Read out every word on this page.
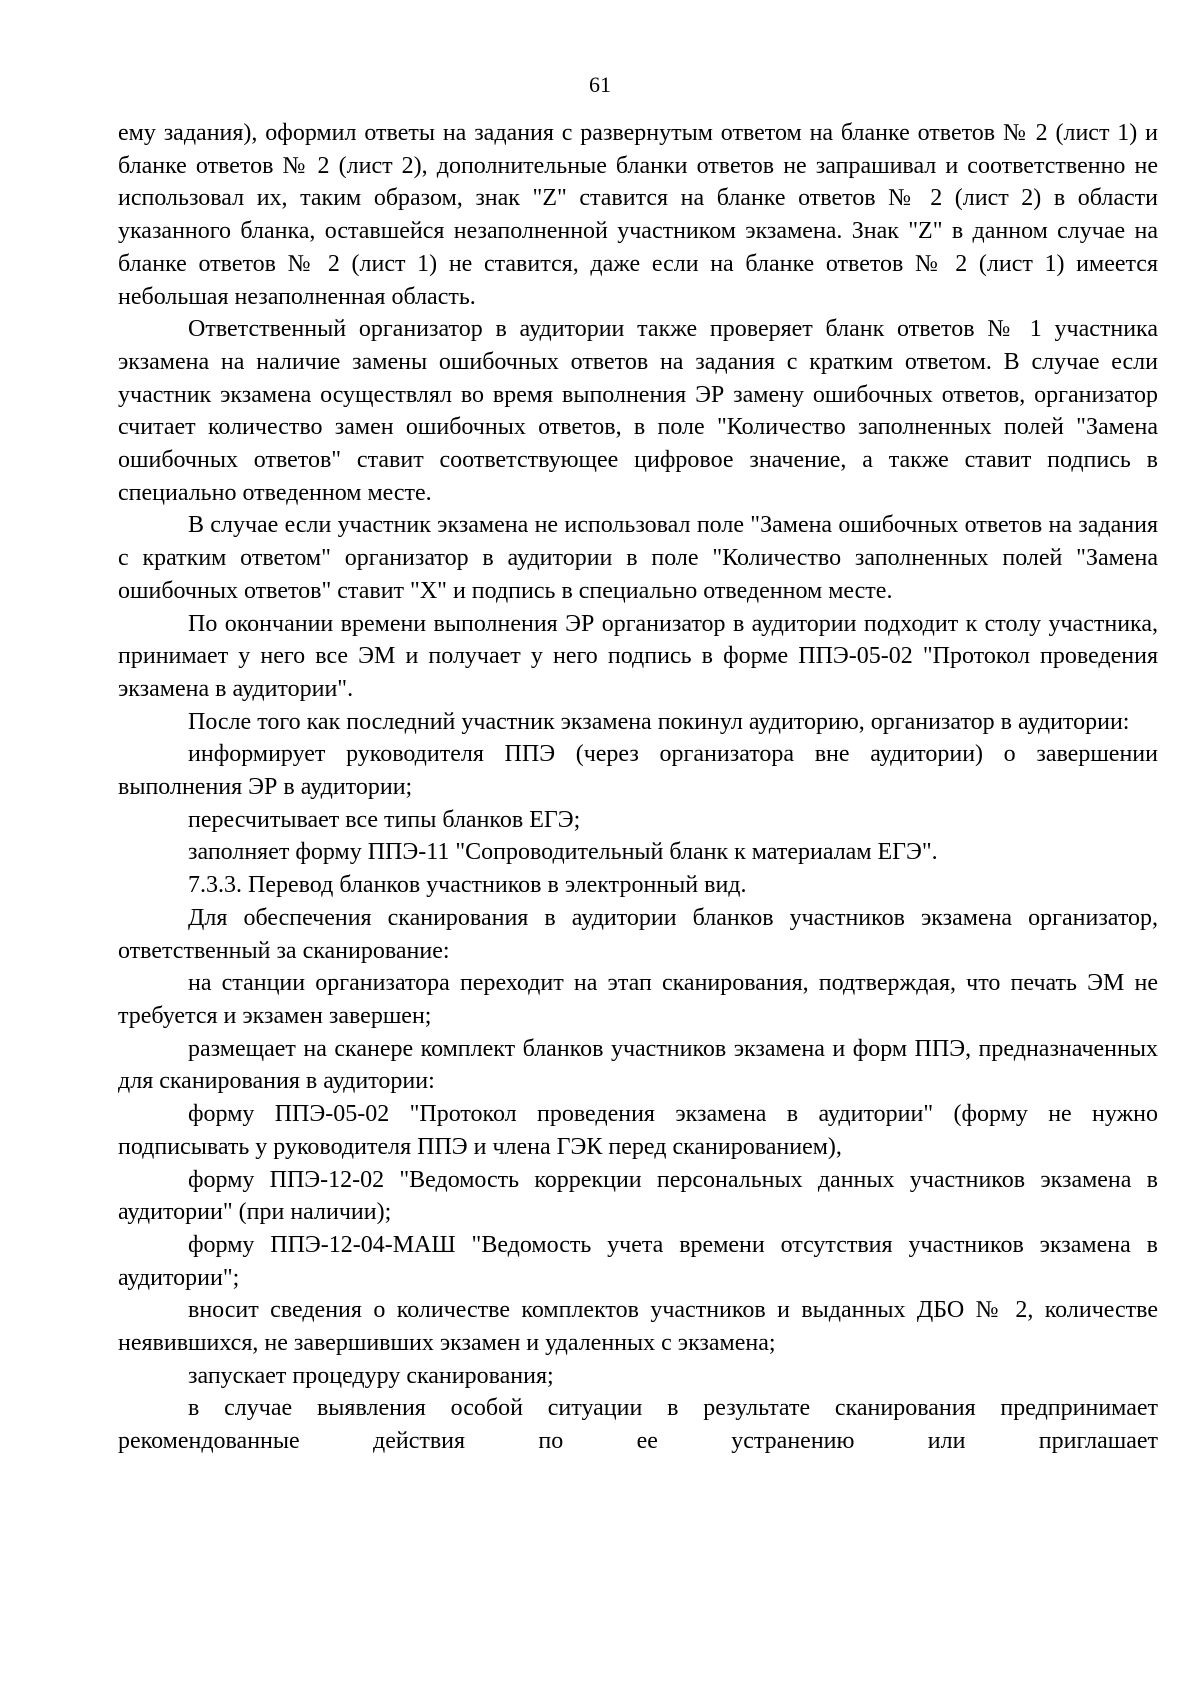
61

ему задания), оформил ответы на задания с развернутым ответом на бланке ответов № 2 (лист 1) и бланке ответов № 2 (лист 2), дополнительные бланки ответов не запрашивал и соответственно не использовал их, таким образом, знак "Z" ставится на бланке ответов № 2 (лист 2) в области указанного бланка, оставшейся незаполненной участником экзамена. Знак "Z" в данном случае на бланке ответов № 2 (лист 1) не ставится, даже если на бланке ответов № 2 (лист 1) имеется небольшая незаполненная область.

Ответственный организатор в аудитории также проверяет бланк ответов № 1 участника экзамена на наличие замены ошибочных ответов на задания с кратким ответом. В случае если участник экзамена осуществлял во время выполнения ЭР замену ошибочных ответов, организатор считает количество замен ошибочных ответов, в поле "Количество заполненных полей "Замена ошибочных ответов" ставит соответствующее цифровое значение, а также ставит подпись в специально отведенном месте.

В случае если участник экзамена не использовал поле "Замена ошибочных ответов на задания с кратким ответом" организатор в аудитории в поле "Количество заполненных полей "Замена ошибочных ответов" ставит "X" и подпись в специально отведенном месте.

По окончании времени выполнения ЭР организатор в аудитории подходит к столу участника, принимает у него все ЭМ и получает у него подпись в форме ППЭ-05-02 "Протокол проведения экзамена в аудитории".

После того как последний участник экзамена покинул аудиторию, организатор в аудитории:

информирует руководителя ППЭ (через организатора вне аудитории) о завершении выполнения ЭР в аудитории;

пересчитывает все типы бланков ЕГЭ;

заполняет форму ППЭ-11 "Сопроводительный бланк к материалам ЕГЭ".

7.3.3. Перевод бланков участников в электронный вид.

Для обеспечения сканирования в аудитории бланков участников экзамена организатор, ответственный за сканирование:

на станции организатора переходит на этап сканирования, подтверждая, что печать ЭМ не требуется и экзамен завершен;

размещает на сканере комплект бланков участников экзамена и форм ППЭ, предназначенных для сканирования в аудитории:

форму ППЭ-05-02 "Протокол проведения экзамена в аудитории" (форму не нужно подписывать у руководителя ППЭ и члена ГЭК перед сканированием),

форму ППЭ-12-02 "Ведомость коррекции персональных данных участников экзамена в аудитории" (при наличии);

форму ППЭ-12-04-МАШ "Ведомость учета времени отсутствия участников экзамена в аудитории";

вносит сведения о количестве комплектов участников и выданных ДБО № 2, количестве неявившихся, не завершивших экзамен и удаленных с экзамена;

запускает процедуру сканирования;

в случае выявления особой ситуации в результате сканирования предпринимает рекомендованные действия по ее устранению или приглашает
